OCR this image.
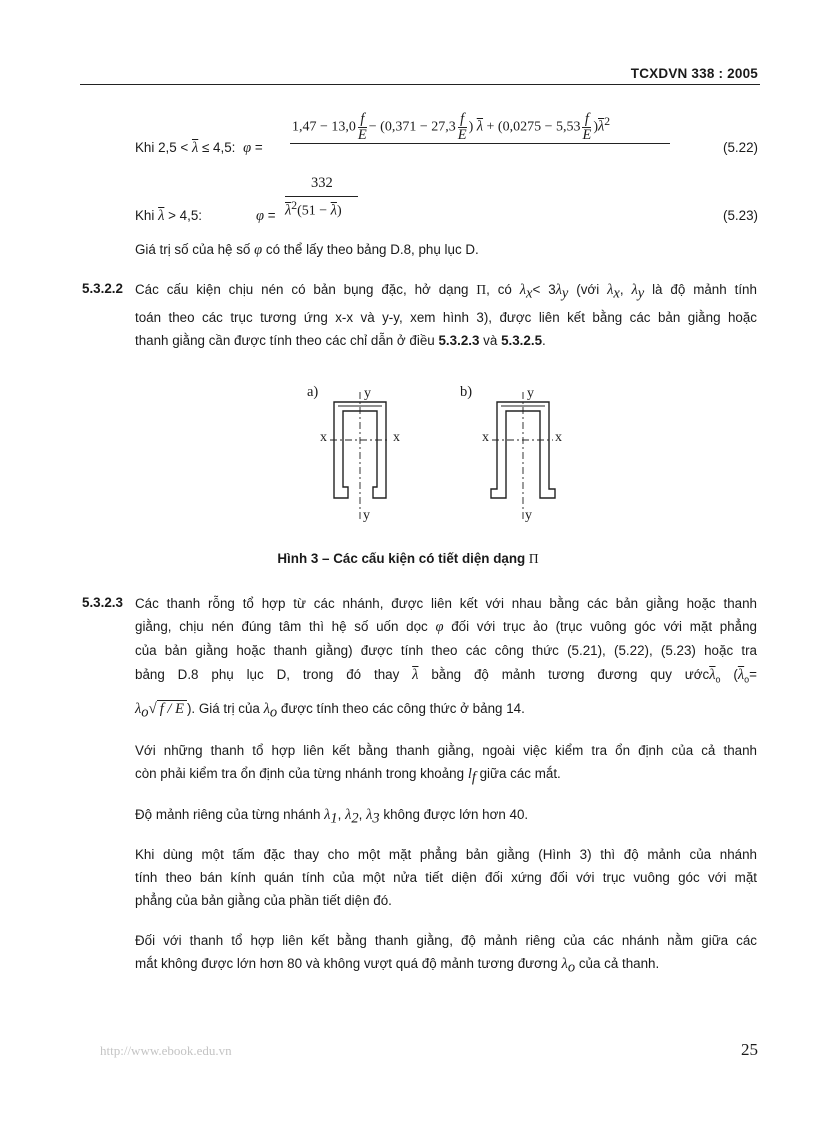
TCXDVN 338 : 2005
Khi $2,5 < \overline{\lambda} \le 4,5$: φ =
$1,47 - 13,0 \frac{f}{E} - (0,371 - 27,3 \frac{f}{E}$ ) $\overline{\lambda} + (0,0275 - 5,53 \frac{f}{E} )\overline{\lambda}^2$
(5.22)
332
$\overline{\lambda}^2(51 - \overline{\lambda})$
Khi $\overline{\lambda} > 4,5$:	φ =	(5.23)
Giá trị số của hệ số φ có thể lấy theo bảng D.8, phụ lục D.
5.3.2.2 Các cấu kiện chịu nén có bản bụng đặc, hở dạng Π, có $\lambda_x< 3\lambda_y$ (với $\lambda_x$, $\lambda_y$ là độ mảnh tính
toán theo các trục tương ứng x-x và y-y, xem hình 3), được liên kết bằng các bản giằng hoặc
thanh giằng cần được tính theo các chỉ dẫn ở điều 5.3.2.3 và 5.3.2.5.
a)	b)
y
y
x	x
y
y
x	x
Hình 3 – Các cấu kiện có tiết diện dạng Π
5.3.2.3 Các thanh rỗng tổ hợp từ các nhánh, được liên kết với nhau bằng các bản giằng hoặc thanh
giằng, chịu nén đúng tâm thì hệ số uốn dọc φ đối với trục ảo (trục vuông góc với mặt phẳng
của bản giằng hoặc thanh giằng) được tính theo các công thức (5.21), (5.22), (5.23) hoặc tra
bảng D.8 phụ lục D, trong đó thay $\overline{\lambda}$ bằng độ mảnh tương đương quy $ước\overline{\lambda}_o$ ($\overline{\lambda}_o=$
$\lambda_o√$ f / E ). Giá trị của $\lambda_o$ được tính theo các công thức ở bảng 14.
Với những thanh tổ hợp liên kết bằng thanh giằng, ngoài việc kiểm tra ổn định của cả thanh
còn phải kiểm tra ổn định của từng nhánh trong khoảng $l_f$ giữa các mắt.
Độ mảnh riêng của từng nhánh $\lambda_1$, $\lambda_2$, $\lambda_3$ không được lớn hơn 40.
Khi dùng một tấm đặc thay cho một mặt phẳng bản giằng (Hình 3) thì độ mảnh của nhánh
tính theo bán kính quán tính của một nửa tiết diện đối xứng đối với trục vuông góc với mặt
phẳng của bản giằng của phần tiết diện đó.
Đối với thanh tổ hợp liên kết bằng thanh giằng, độ mảnh riêng của các nhánh nằm giữa các
mắt không được lớn hơn 80 và không vượt quá độ mảnh tương đương $\lambda_o$ của cả thanh.
http://www.ebook.edu.vn	25
